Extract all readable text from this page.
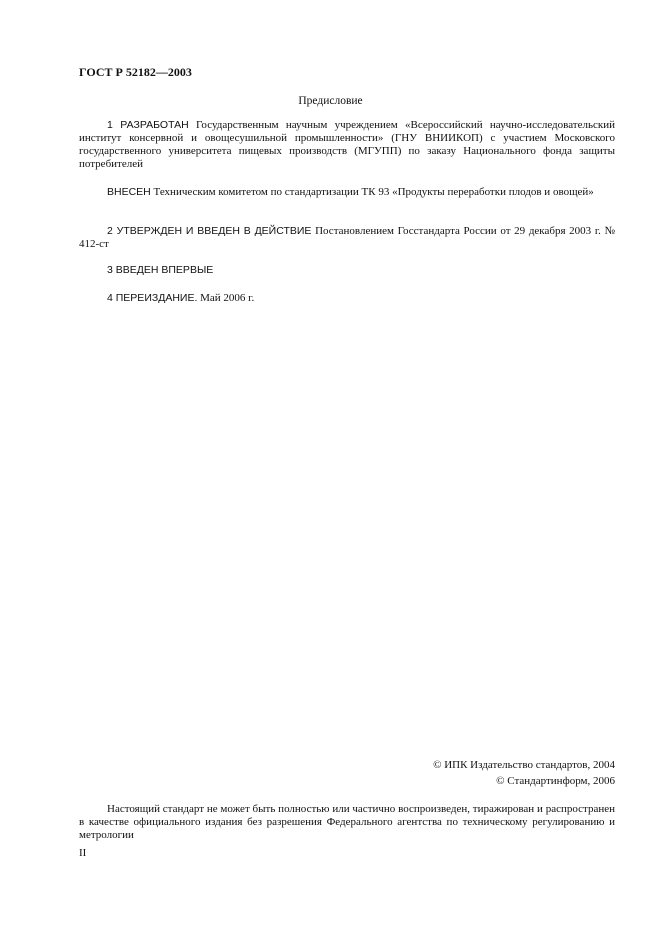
ГОСТ Р 52182—2003
Предисловие
1 РАЗРАБОТАН Государственным научным учреждением «Всероссийский научно-исследовательский институт консервной и овощесушильной промышленности» (ГНУ ВНИИКОП) с участием Московского государственного университета пищевых производств (МГУПП) по заказу Национального фонда защиты потребителей
ВНЕСЕН Техническим комитетом по стандартизации ТК 93 «Продукты переработки плодов и овощей»
2 УТВЕРЖДЕН И ВВЕДЕН В ДЕЙСТВИЕ Постановлением Госстандарта России от 29 декабря 2003 г. № 412-ст
3 ВВЕДЕН ВПЕРВЫЕ
4 ПЕРЕИЗДАНИЕ. Май 2006 г.
© ИПК Издательство стандартов, 2004
© Стандартинформ, 2006
Настоящий стандарт не может быть полностью или частично воспроизведен, тиражирован и распространен в качестве официального издания без разрешения Федерального агентства по техническому регулированию и метрологии
II
